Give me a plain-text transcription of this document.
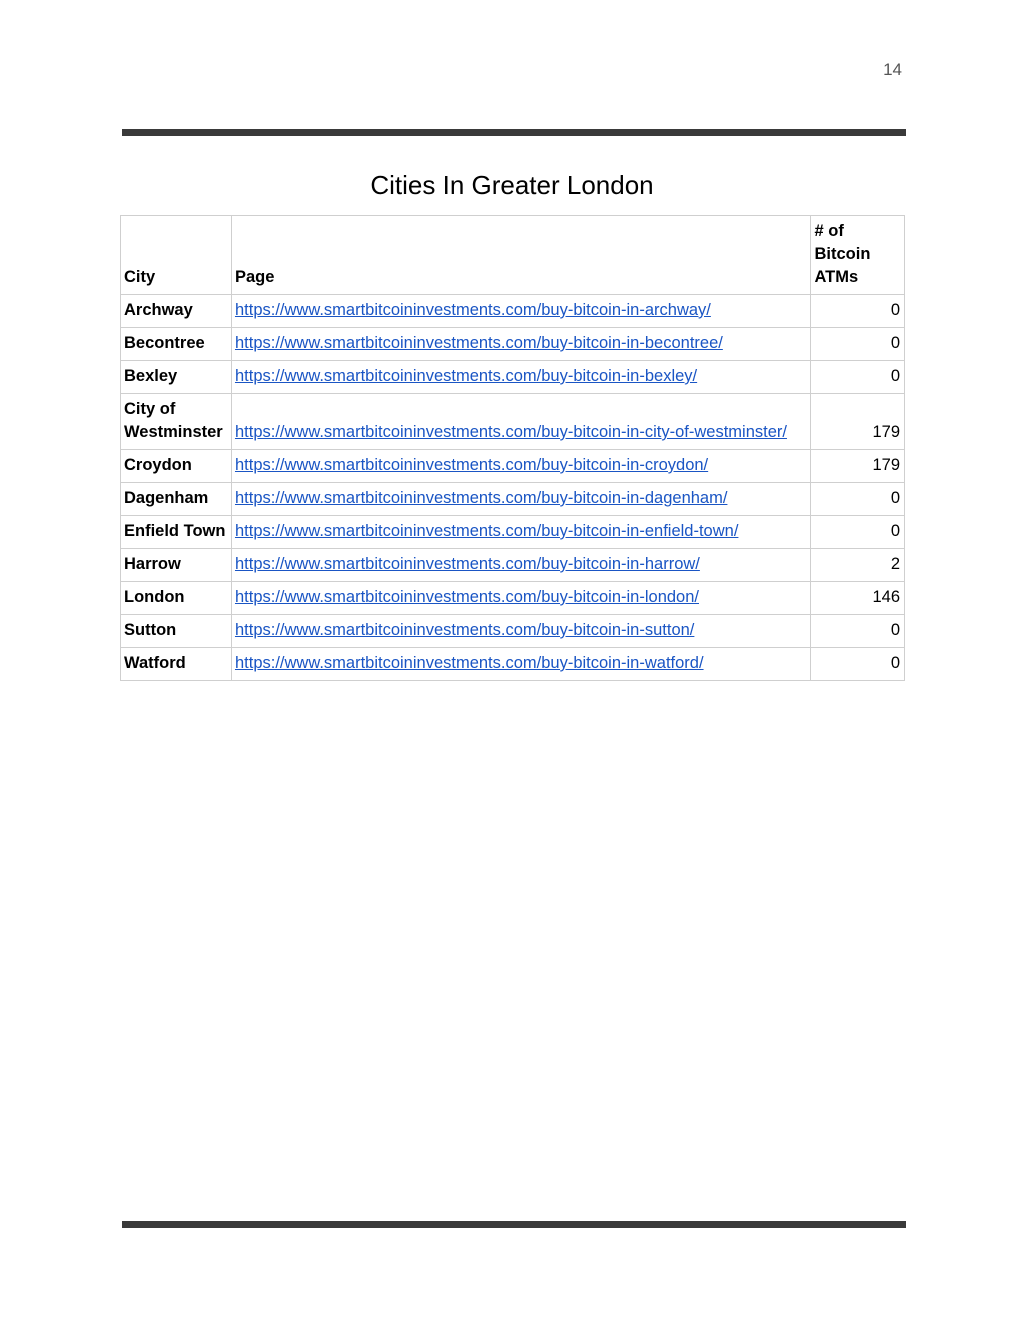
14
Cities In Greater London
City	Page	# of Bitcoin ATMs
Archway	https://www.smartbitcoininvestments.com/buy-bitcoin-in-archway/	0
Becontree	https://www.smartbitcoininvestments.com/buy-bitcoin-in-becontree/	0
Bexley	https://www.smartbitcoininvestments.com/buy-bitcoin-in-bexley/	0
City of Westminster	https://www.smartbitcoininvestments.com/buy-bitcoin-in-city-of-westminster/	179
Croydon	https://www.smartbitcoininvestments.com/buy-bitcoin-in-croydon/	179
Dagenham	https://www.smartbitcoininvestments.com/buy-bitcoin-in-dagenham/	0
Enfield Town	https://www.smartbitcoininvestments.com/buy-bitcoin-in-enfield-town/	0
Harrow	https://www.smartbitcoininvestments.com/buy-bitcoin-in-harrow/	2
London	https://www.smartbitcoininvestments.com/buy-bitcoin-in-london/	146
Sutton	https://www.smartbitcoininvestments.com/buy-bitcoin-in-sutton/	0
Watford	https://www.smartbitcoininvestments.com/buy-bitcoin-in-watford/	0
